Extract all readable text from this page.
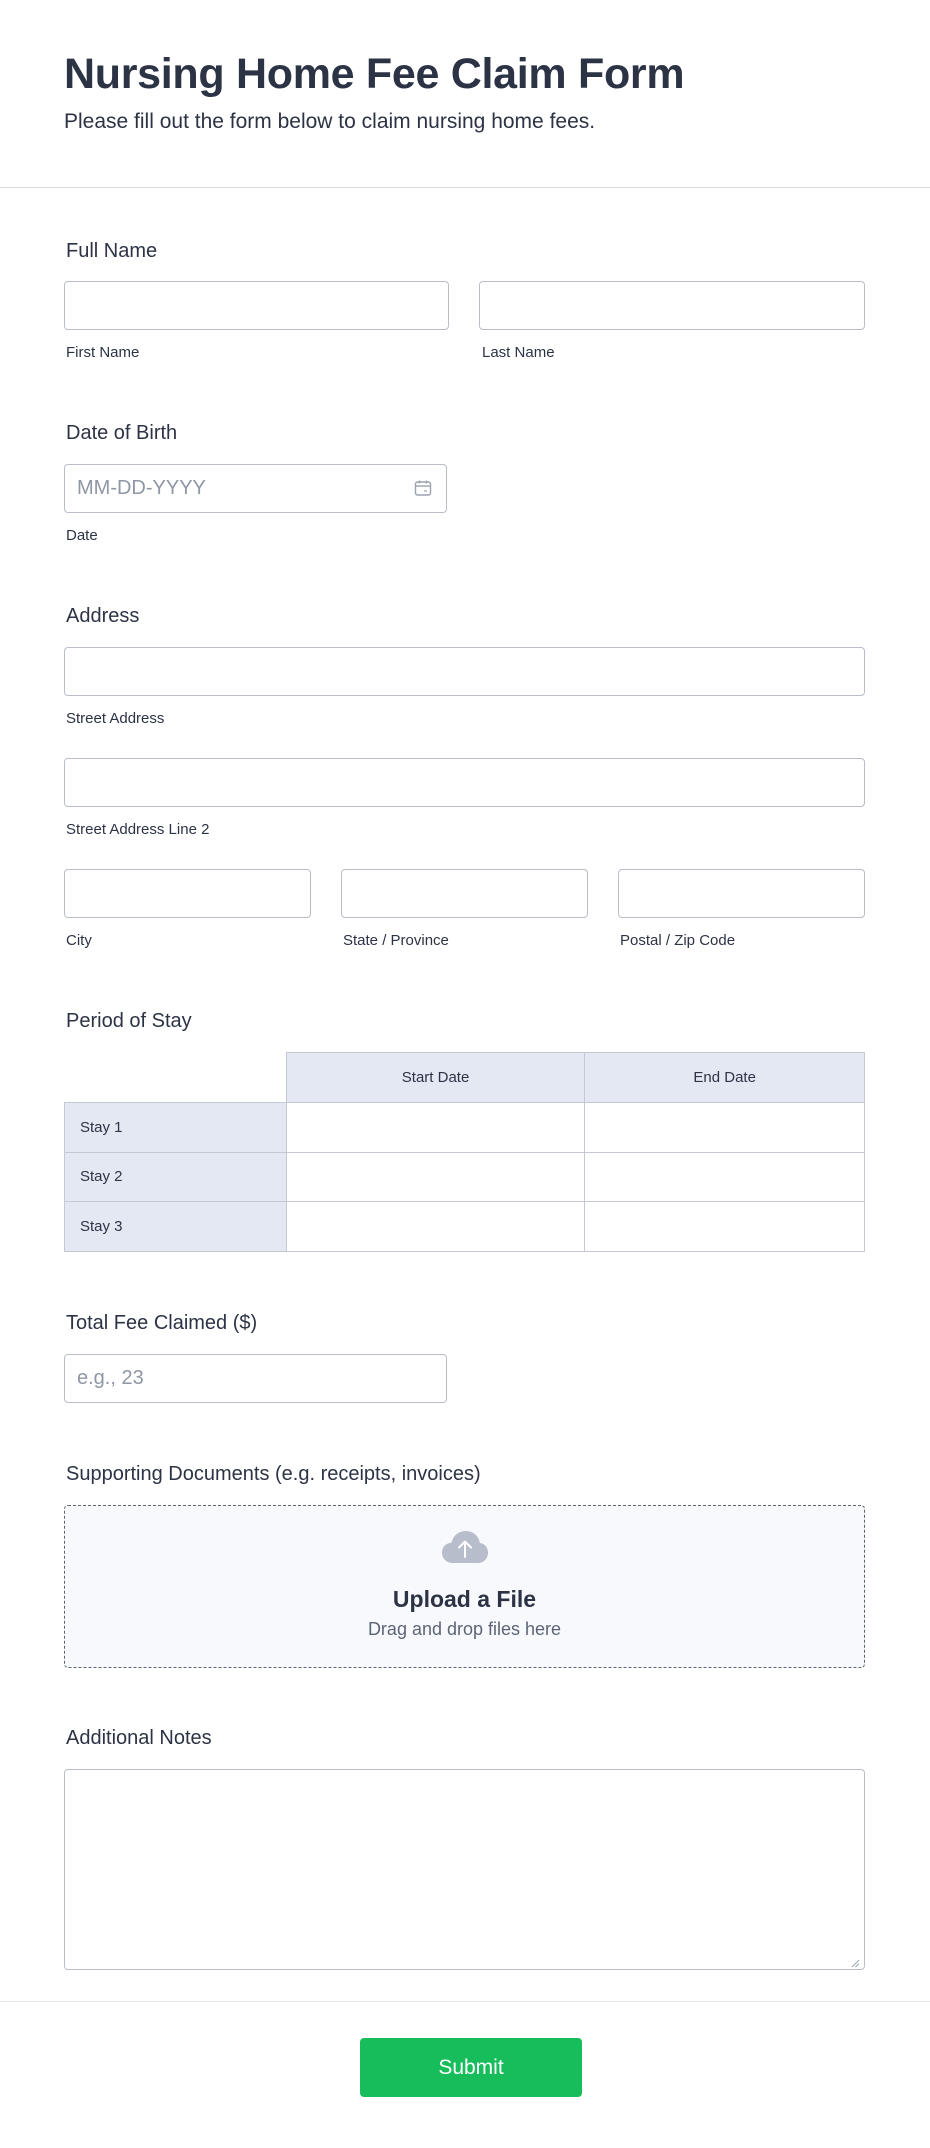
Nursing Home Fee Claim Form
Please fill out the form below to claim nursing home fees.
Full Name
First Name	Last Name
Date of Birth
MM-DD-YYYY
Date
Address
Street Address
Street Address Line 2
City	State / Province	Postal / Zip Code
Period of Stay
	Start Date	End Date
Stay 1		
Stay 2		
Stay 3		
Total Fee Claimed ($)
e.g., 23
Supporting Documents (e.g. receipts, invoices)
Upload a File
Drag and drop files here
Additional Notes
Submit
